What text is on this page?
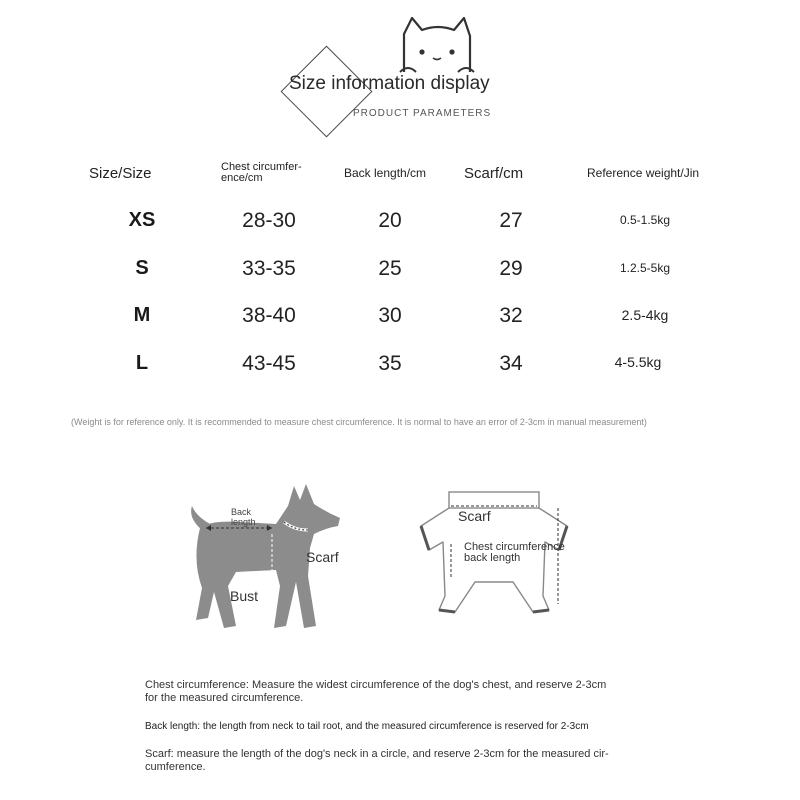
Size information display
PRODUCT PARAMETERS
Size/Size	Chest circumfer-
ence/cm	Back length/cm	Scarf/cm	Reference weight/Jin
XS	28-30	20	27	0.5-1.5kg
S	33-35	25	29	1.2.5-5kg
M	38-40	30	32	2.5-4kg
L	43-45	35	34	4-5.5kg
(Weight is for reference only. It is recommended to measure chest circumference. It is normal to have an error of 2-3cm in manual measurement)
Back
length
Scarf
Bust
Scarf
Chest circumference
back length
Chest circumference: Measure the widest circumference of the dog's chest, and reserve 2-3cm
for the measured circumference.
Back length: the length from neck to tail root, and the measured circumference is reserved for 2-3cm
Scarf: measure the length of the dog's neck in a circle, and reserve 2-3cm for the measured cir-
cumference.
